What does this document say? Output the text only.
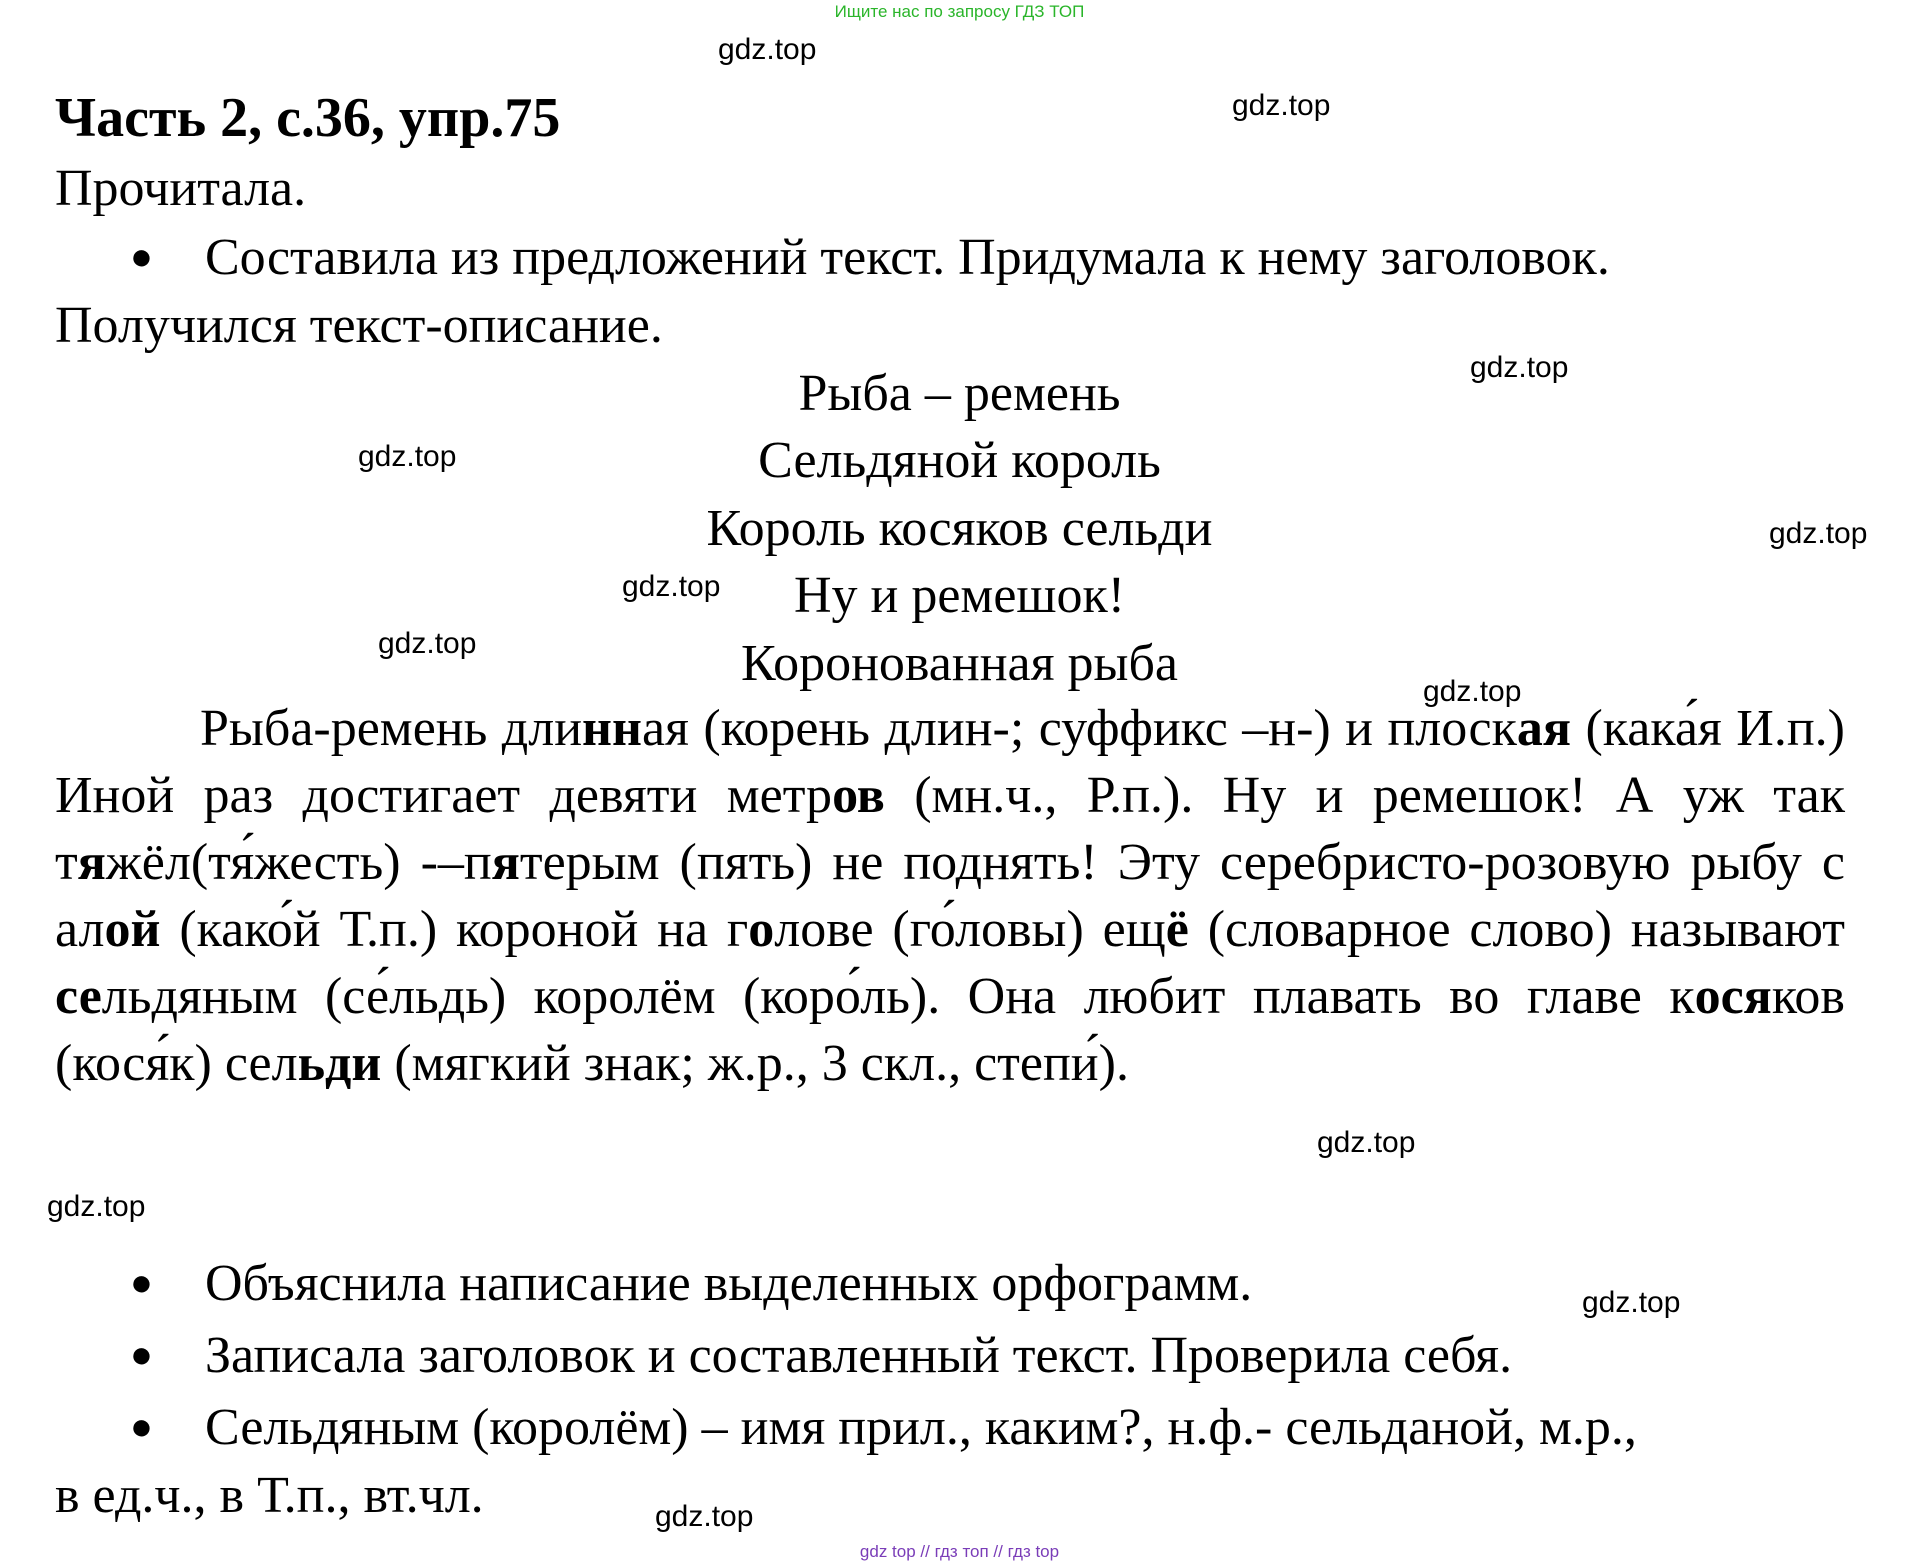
Ищите нас по запросу ГДЗ ТОП
gdz.top
gdz.top
gdz.top
gdz.top
gdz.top
gdz.top
gdz.top
gdz.top
gdz.top
gdz.top
gdz.top
gdz.top
Часть 2, с.36, упр.75
Прочитала.
●	Составила из предложений текст. Придумала к нему заголовок.
Получился текст-описание.
Рыба – ремень
Сельдяной король
Король косяков сельди
Ну и ремешок!
Коронованная рыба
Рыба-ремень длинная (корень длин-; суффикс –н-) и плоская (кака́я И.п.) Иной раз достигает девяти метров (мн.ч., Р.п.). Ну и ремешок! А уж так тяжёл(тя́жесть) -–пятерым (пять) не поднять! Эту серебристо-розовую рыбу с алой (како́й Т.п.) короной на голове (го́ловы) ещё (словарное слово) называют сельдяным (се́льдь) королём (коро́ль). Она любит плавать во главе косяков (кося́к) сельди (мягкий знак; ж.р., 3 скл., степи́).
●	Объяснила написание выделенных орфограмм.
●	Записала заголовок и составленный текст. Проверила себя.
●	Сельдяным (королём) – имя прил., каким?, н.ф.- сельданой, м.р.,
в ед.ч., в Т.п., вт.чл.
gdz top // гдз топ // гдз top
